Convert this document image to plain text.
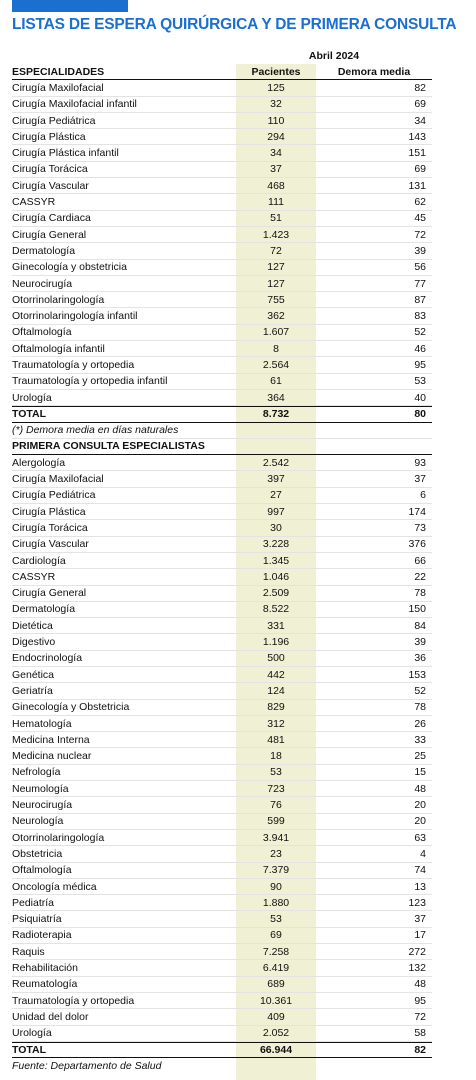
LISTAS DE ESPERA QUIRÚRGICA Y DE PRIMERA CONSULTA
Abril 2024
ESPECIALIDADES	Pacientes	Demora media
Cirugía Maxilofacial	125	82
Cirugía Maxilofacial infantil	32	69
Cirugía Pediátrica	110	34
Cirugía Plástica	294	143
Cirugía Plástica infantil	34	151
Cirugía Torácica	37	69
Cirugía Vascular	468	131
CASSYR	111	62
Cirugía Cardiaca	51	45
Cirugía General	1.423	72
Dermatología	72	39
Ginecología y obstetricia	127	56
Neurocirugía	127	77
Otorrinolaringología	755	87
Otorrinolaringología infantil	362	83
Oftalmología	1.607	52
Oftalmología infantil	8	46
Traumatología y ortopedia	2.564	95
Traumatología y ortopedia infantil	61	53
Urología	364	40
TOTAL	8.732	80
(*) Demora media en días naturales
PRIMERA CONSULTA ESPECIALISTAS
Alergología	2.542	93
Cirugía Maxilofacial	397	37
Cirugía Pediátrica	27	6
Cirugía Plástica	997	174
Cirugía Torácica	30	73
Cirugía Vascular	3.228	376
Cardiología	1.345	66
CASSYR	1.046	22
Cirugía General	2.509	78
Dermatología	8.522	150
Dietética	331	84
Digestivo	1.196	39
Endocrinología	500	36
Genética	442	153
Geriatría	124	52
Ginecología y Obstetricia	829	78
Hematología	312	26
Medicina Interna	481	33
Medicina nuclear	18	25
Nefrología	53	15
Neumología	723	48
Neurocirugía	76	20
Neurología	599	20
Otorrinolaringología	3.941	63
Obstetricia	23	4
Oftalmología	7.379	74
Oncología médica	90	13
Pediatría	1.880	123
Psiquiatría	53	37
Radioterapia	69	17
Raquis	7.258	272
Rehabilitación	6.419	132
Reumatología	689	48
Traumatología y ortopedia	10.361	95
Unidad del dolor	409	72
Urología	2.052	58
TOTAL	66.944	82
Fuente: Departamento de Salud
